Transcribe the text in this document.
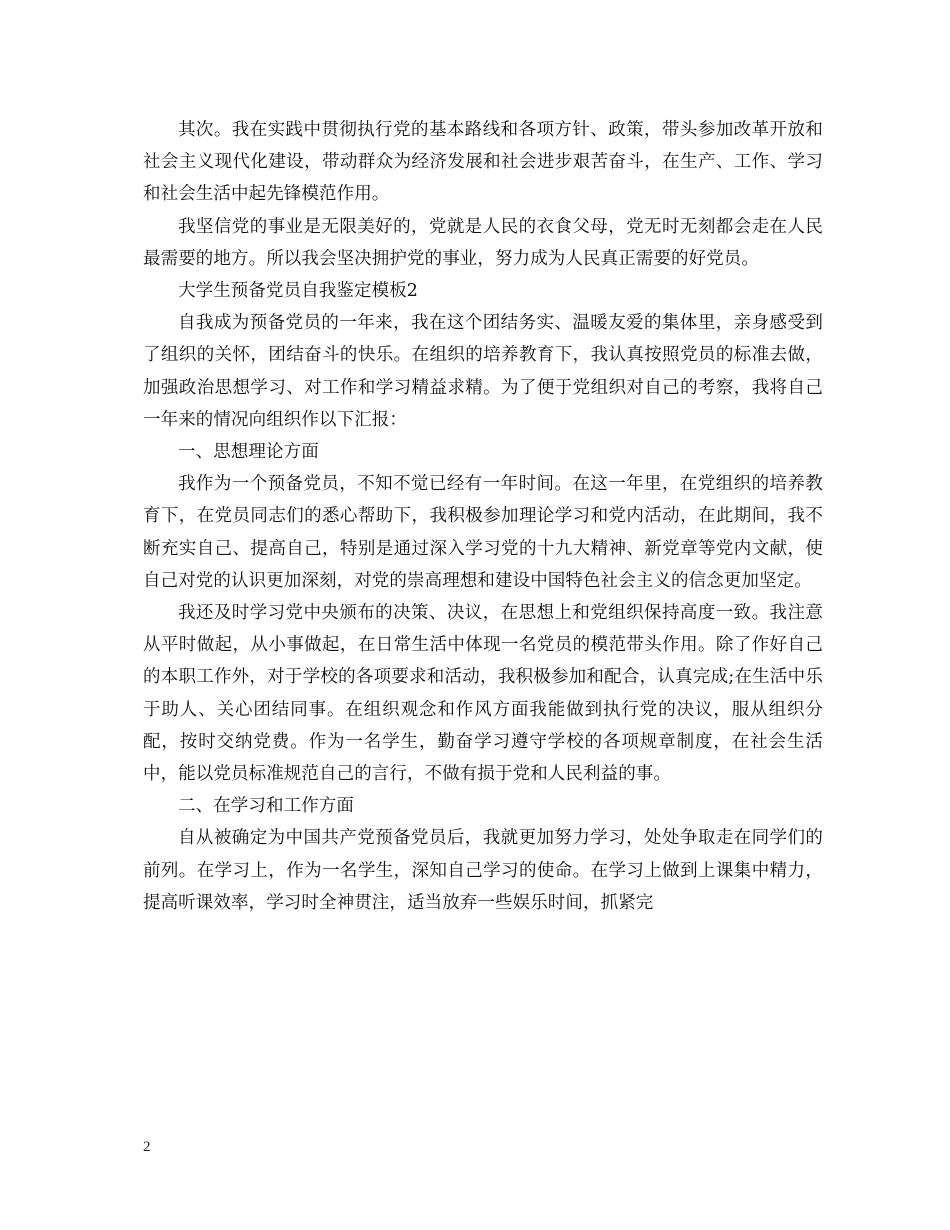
其次。我在实践中贯彻执行党的基本路线和各项方针、政策，带头参加改革开放和社会主义现代化建设，带动群众为经济发展和社会进步艰苦奋斗，在生产、工作、学习和社会生活中起先锋模范作用。

我坚信党的事业是无限美好的，党就是人民的衣食父母，党无时无刻都会走在人民最需要的地方。所以我会坚决拥护党的事业，努力成为人民真正需要的好党员。

大学生预备党员自我鉴定模板2

自我成为预备党员的一年来，我在这个团结务实、温暖友爱的集体里，亲身感受到了组织的关怀，团结奋斗的快乐。在组织的培养教育下，我认真按照党员的标准去做，加强政治思想学习、对工作和学习精益求精。为了便于党组织对自己的考察，我将自己一年来的情况向组织作以下汇报：

一、思想理论方面

我作为一个预备党员，不知不觉已经有一年时间。在这一年里，在党组织的培养教育下，在党员同志们的悉心帮助下，我积极参加理论学习和党内活动，在此期间，我不断充实自己、提高自己，特别是通过深入学习党的十九大精神、新党章等党内文献，使自己对党的认识更加深刻，对党的崇高理想和建设中国特色社会主义的信念更加坚定。

我还及时学习党中央颁布的决策、决议，在思想上和党组织保持高度一致。我注意从平时做起，从小事做起，在日常生活中体现一名党员的模范带头作用。除了作好自己的本职工作外，对于学校的各项要求和活动，我积极参加和配合，认真完成;在生活中乐于助人、关心团结同事。在组织观念和作风方面我能做到执行党的决议，服从组织分配，按时交纳党费。作为一名学生，勤奋学习遵守学校的各项规章制度，在社会生活中，能以党员标准规范自己的言行，不做有损于党和人民利益的事。

二、在学习和工作方面

自从被确定为中国共产党预备党员后，我就更加努力学习，处处争取走在同学们的前列。在学习上，作为一名学生，深知自己学习的使命。在学习上做到上课集中精力，提高听课效率，学习时全神贯注，适当放弃一些娱乐时间，抓紧完

2
